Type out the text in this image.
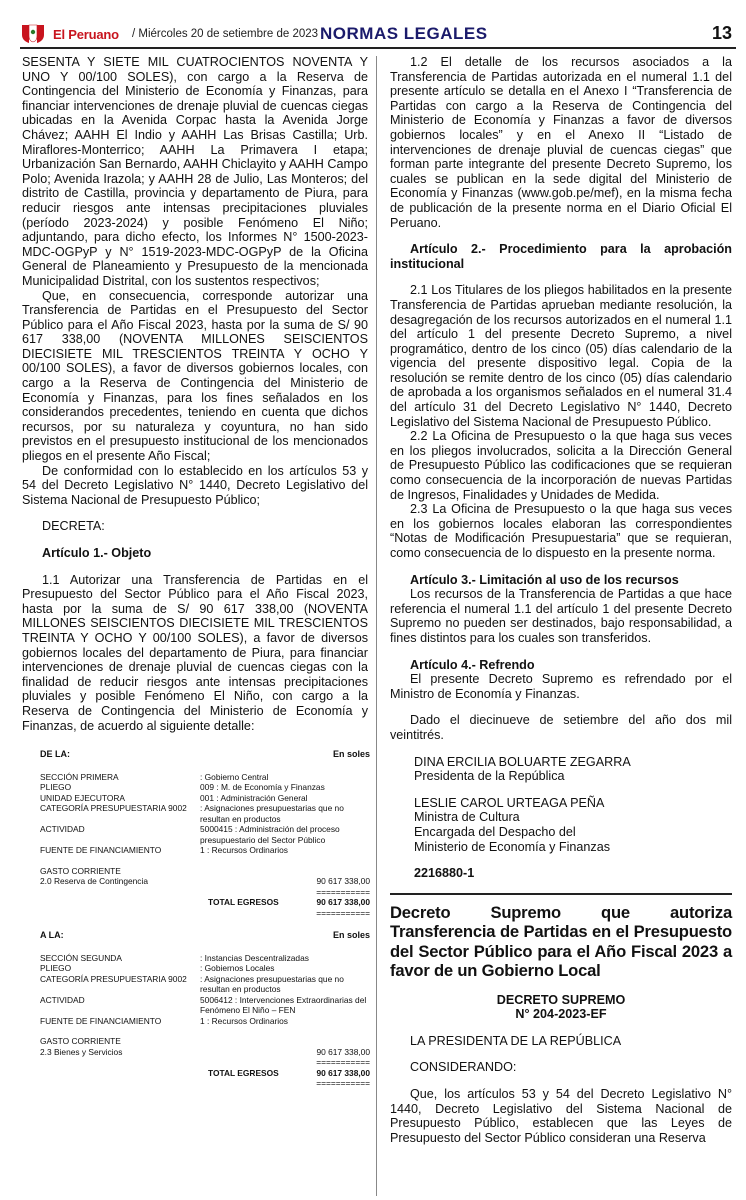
El Peruano / Miércoles 20 de setiembre de 2023 NORMAS LEGALES	13

SESENTA Y SIETE MIL CUATROCIENTOS NOVENTA Y UNO Y 00/100 SOLES), con cargo a la Reserva de Contingencia del Ministerio de Economía y Finanzas, para financiar intervenciones de drenaje pluvial de cuencas ciegas ubicadas en la Avenida Corpac hasta la Avenida Jorge Chávez; AAHH El Indio y AAHH Las Brisas Castilla; Urb. Miraflores-Monterrico; AAHH La Primavera I etapa; Urbanización San Bernardo, AAHH Chiclayito y AAHH Campo Polo; Avenida Irazola; y AAHH 28 de Julio, Las Monteros; del distrito de Castilla, provincia y departamento de Piura, para reducir riesgos ante intensas precipitaciones pluviales (período 2023-2024) y posible Fenómeno El Niño; adjuntando, para dicho efecto, los Informes N° 1500-2023-MDC-OGPyP y N° 1519-2023-MDC-OGPyP de la Oficina General de Planeamiento y Presupuesto de la mencionada Municipalidad Distrital, con los sustentos respectivos;

Que, en consecuencia, corresponde autorizar una Transferencia de Partidas en el Presupuesto del Sector Público para el Año Fiscal 2023, hasta por la suma de S/ 90 617 338,00 (NOVENTA MILLONES SEISCIENTOS DIECISIETE MIL TRESCIENTOS TREINTA Y OCHO Y 00/100 SOLES), a favor de diversos gobiernos locales, con cargo a la Reserva de Contingencia del Ministerio de Economía y Finanzas, para los fines señalados en los considerandos precedentes, teniendo en cuenta que dichos recursos, por su naturaleza y coyuntura, no han sido previstos en el presupuesto institucional de los mencionados pliegos en el presente Año Fiscal;

De conformidad con lo establecido en los artículos 53 y 54 del Decreto Legislativo N° 1440, Decreto Legislativo del Sistema Nacional de Presupuesto Público;

DECRETA:

Artículo 1.- Objeto

1.1 Autorizar una Transferencia de Partidas en el Presupuesto del Sector Público para el Año Fiscal 2023, hasta por la suma de S/ 90 617 338,00 (NOVENTA MILLONES SEISCIENTOS DIECISIETE MIL TRESCIENTOS TREINTA Y OCHO Y 00/100 SOLES), a favor de diversos gobiernos locales del departamento de Piura, para financiar intervenciones de drenaje pluvial de cuencas ciegas con la finalidad de reducir riesgos ante intensas precipitaciones pluviales y posible Fenómeno El Niño, con cargo a la Reserva de Contingencia del Ministerio de Economía y Finanzas, de acuerdo al siguiente detalle:

DE LA:	En soles
SECCIÓN PRIMERA	: Gobierno Central
PLIEGO	009 : M. de Economía y Finanzas
UNIDAD EJECUTORA	001 : Administración General
CATEGORÍA PRESUPUESTARIA 9002	: Asignaciones presupuestarias que no resultan en productos
ACTIVIDAD	5000415 : Administración del proceso presupuestario del Sector Público
FUENTE DE FINANCIAMIENTO	1 : Recursos Ordinarios
GASTO CORRIENTE
2.0 Reserva de Contingencia	90 617 338,00
===========
TOTAL EGRESOS	90 617 338,00
===========
A LA:	En soles
SECCIÓN SEGUNDA	: Instancias Descentralizadas
PLIEGO	: Gobiernos Locales
CATEGORÍA PRESUPUESTARIA 9002	: Asignaciones presupuestarias que no resultan en productos
ACTIVIDAD	5006412 : Intervenciones Extraordinarias del Fenómeno El Niño – FEN
FUENTE DE FINANCIAMIENTO	1 : Recursos Ordinarios
GASTO CORRIENTE
2.3 Bienes y Servicios	90 617 338,00
===========
TOTAL EGRESOS	90 617 338,00
===========

1.2 El detalle de los recursos asociados a la Transferencia de Partidas autorizada en el numeral 1.1 del presente artículo se detalla en el Anexo I “Transferencia de Partidas con cargo a la Reserva de Contingencia del Ministerio de Economía y Finanzas a favor de diversos gobiernos locales” y en el Anexo II “Listado de intervenciones de drenaje pluvial de cuencas ciegas” que forman parte integrante del presente Decreto Supremo, los cuales se publican en la sede digital del Ministerio de Economía y Finanzas (www.gob.pe/mef), en la misma fecha de publicación de la presente norma en el Diario Oficial El Peruano.

Artículo 2.- Procedimiento para la aprobación institucional

2.1 Los Titulares de los pliegos habilitados en la presente Transferencia de Partidas aprueban mediante resolución, la desagregación de los recursos autorizados en el numeral 1.1 del artículo 1 del presente Decreto Supremo, a nivel programático, dentro de los cinco (05) días calendario de la vigencia del presente dispositivo legal. Copia de la resolución se remite dentro de los cinco (05) días calendario de aprobada a los organismos señalados en el numeral 31.4 del artículo 31 del Decreto Legislativo N° 1440, Decreto Legislativo del Sistema Nacional de Presupuesto Público.

2.2 La Oficina de Presupuesto o la que haga sus veces en los pliegos involucrados, solicita a la Dirección General de Presupuesto Público las codificaciones que se requieran como consecuencia de la incorporación de nuevas Partidas de Ingresos, Finalidades y Unidades de Medida.

2.3 La Oficina de Presupuesto o la que haga sus veces en los gobiernos locales elaboran las correspondientes “Notas de Modificación Presupuestaria” que se requieran, como consecuencia de lo dispuesto en la presente norma.

Artículo 3.- Limitación al uso de los recursos

Los recursos de la Transferencia de Partidas a que hace referencia el numeral 1.1 del artículo 1 del presente Decreto Supremo no pueden ser destinados, bajo responsabilidad, a fines distintos para los cuales son transferidos.

Artículo 4.- Refrendo

El presente Decreto Supremo es refrendado por el Ministro de Economía y Finanzas.

Dado el diecinueve de setiembre del año dos mil veintitrés.

DINA ERCILIA BOLUARTE ZEGARRA

Presidenta de la República

LESLIE CAROL URTEAGA PEÑA

Ministra de Cultura

Encargada del Despacho del

Ministerio de Economía y Finanzas

2216880-1

Decreto Supremo que autoriza Transferencia de Partidas en el Presupuesto del Sector Público para el Año Fiscal 2023 a favor de un Gobierno Local

DECRETO SUPREMO

N° 204-2023-EF

LA PRESIDENTA DE LA REPÚBLICA

CONSIDERANDO:

Que, los artículos 53 y 54 del Decreto Legislativo N° 1440, Decreto Legislativo del Sistema Nacional de Presupuesto Público, establecen que las Leyes de Presupuesto del Sector Público consideran una Reserva
